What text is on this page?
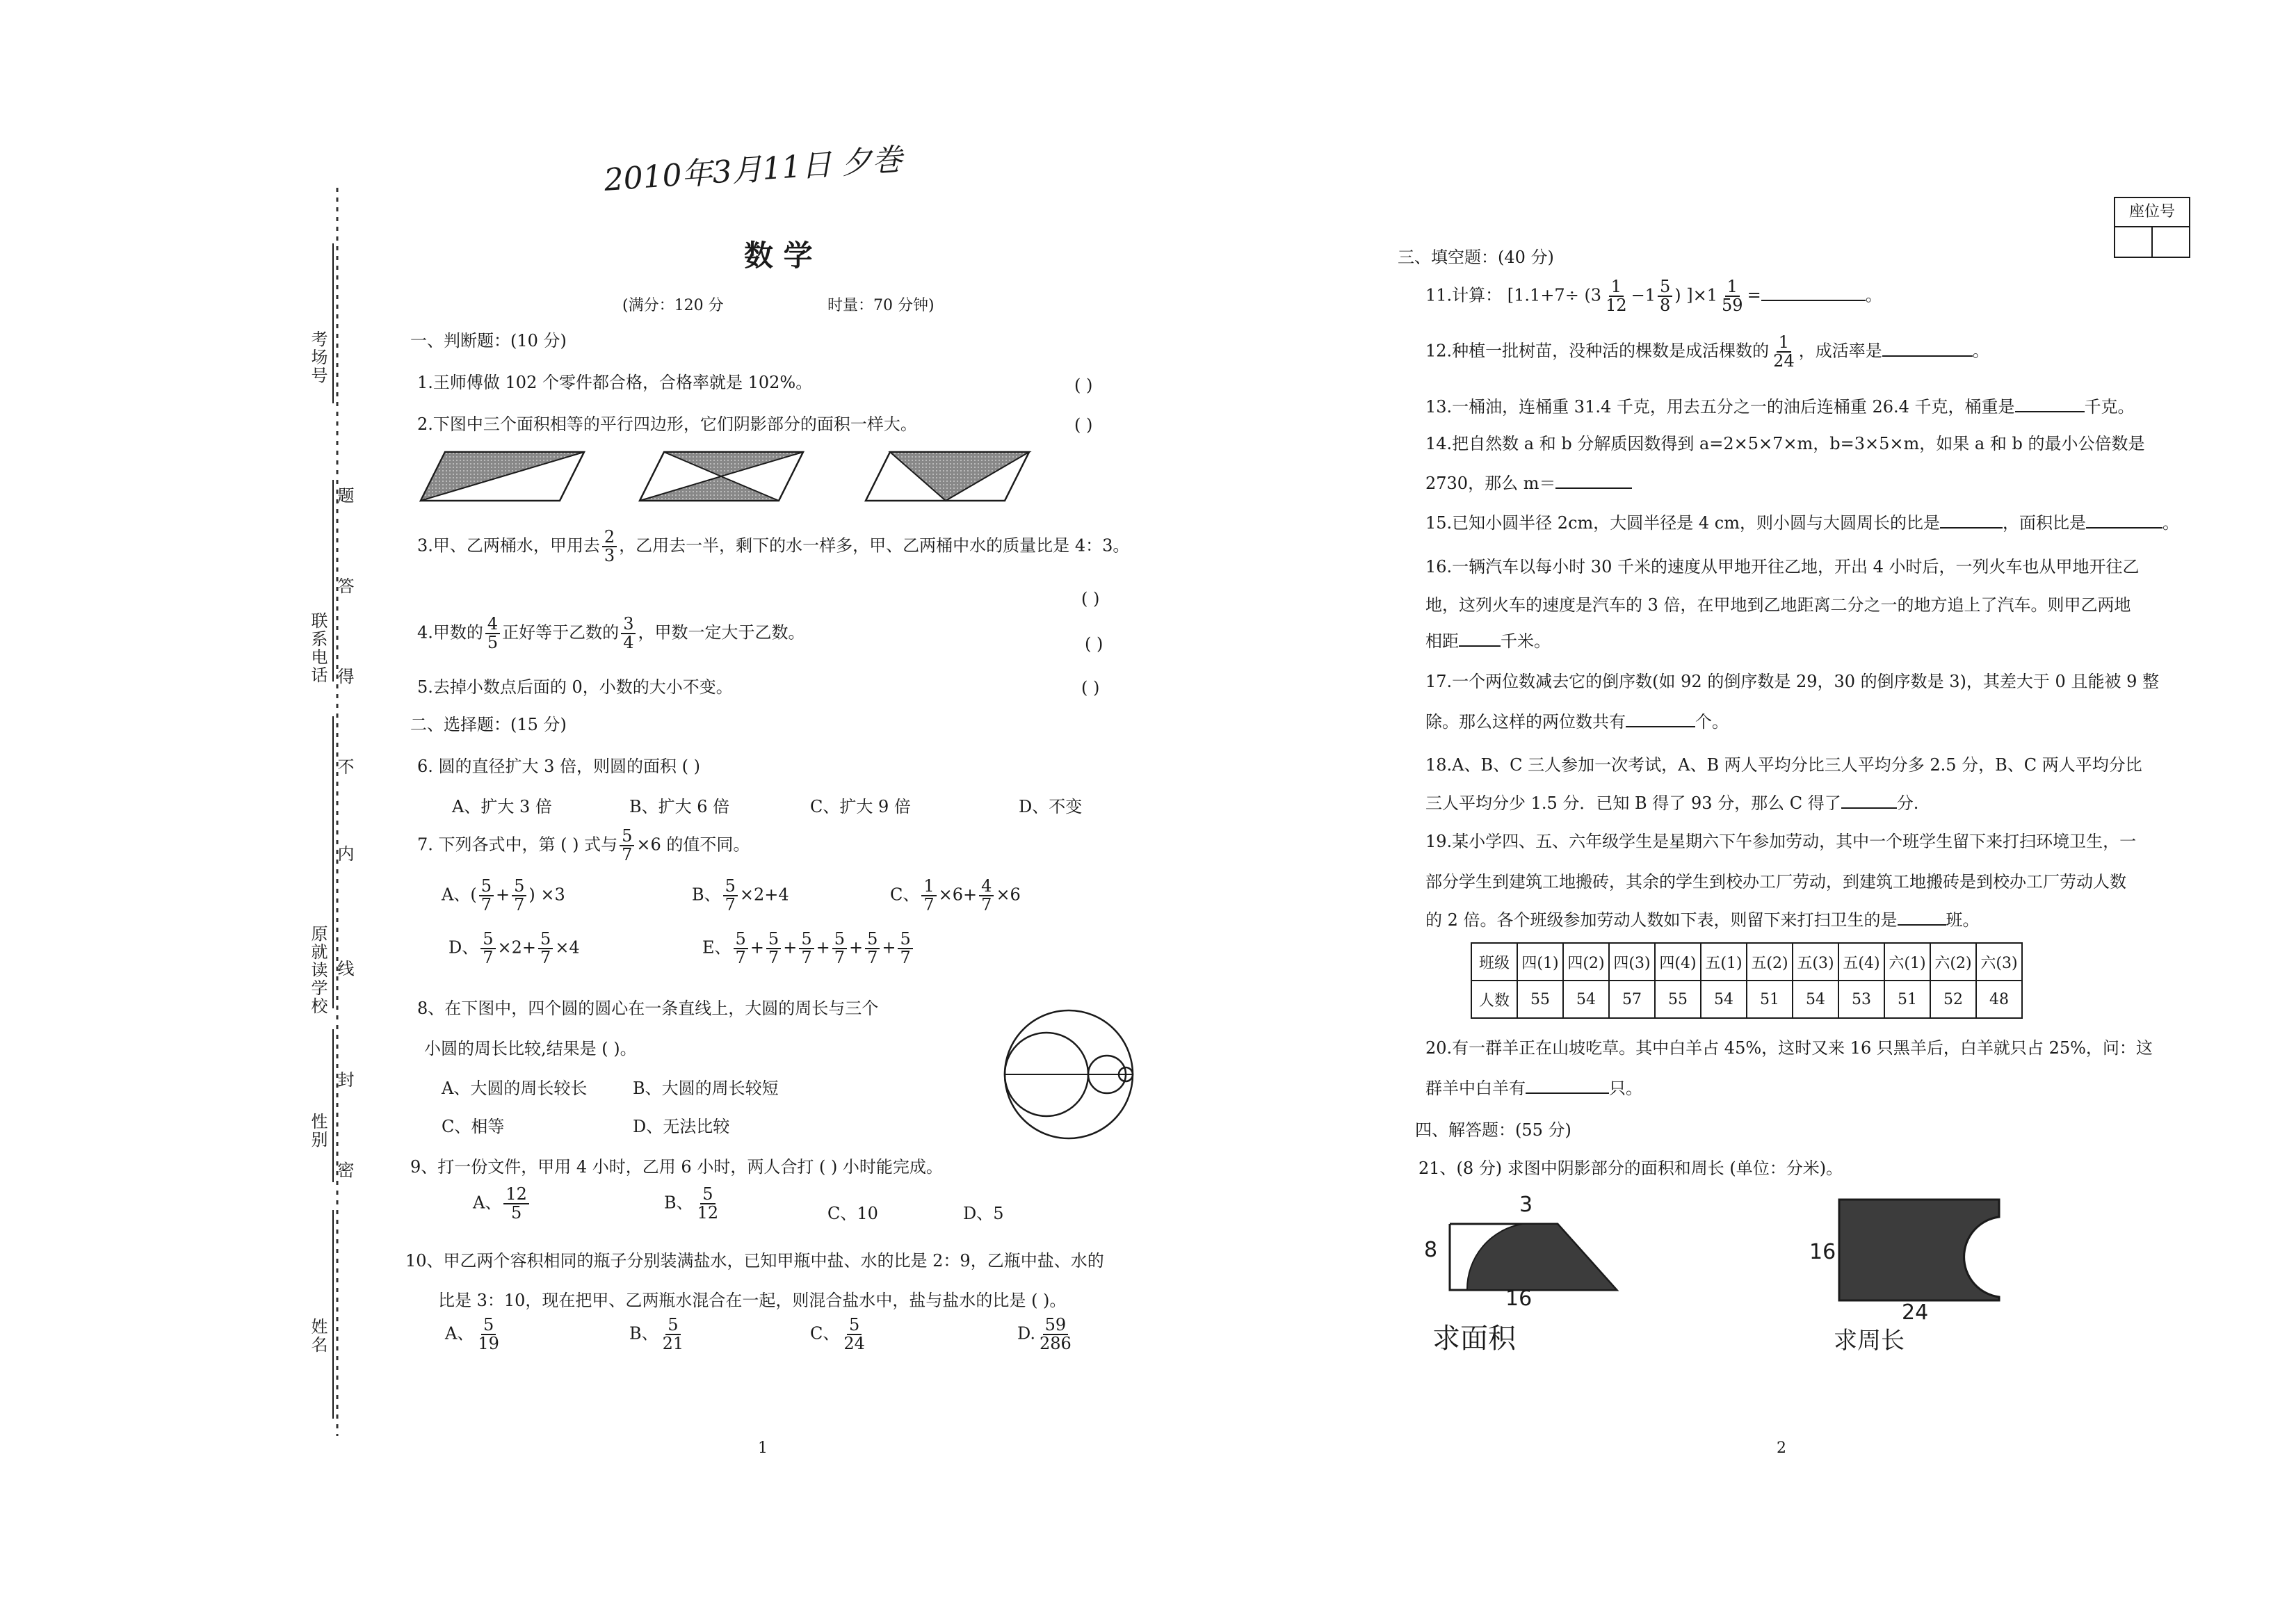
2010年3月11日 夕巻
考场号
联系电话
原就读学校
性别
姓名
密
封
线
内
不
得
答
题
座位号
数 学
(满分：120 分	时量：70 分钟)
一、判断题：(10 分)
1.王师傅做 102 个零件都合格，合格率就是 102%。	( )
2.下图中三个面积相等的平行四边形，它们阴影部分的面积一样大。	( )
3.甲、乙两桶水，甲用去 $\frac{2}{3}$ ，乙用去一半，剩下的水一样多，甲、乙两桶中水的质量比是 4：3。
( )
4.甲数的 $\frac{4}{5}$ 正好等于乙数的 $\frac{3}{4}$ ，甲数一定大于乙数。
( )
5.去掉小数点后面的 0，小数的大小不变。	( )
二、选择题：(15 分)
6. 圆的直径扩大 3 倍，则圆的面积 ( )
A、扩大 3 倍	B、扩大 6 倍	C、扩大 9 倍	D、不变
7. 下列各式中，第 ( ) 式与 $\frac{5}{7} \times 6$ 的值不同。
A、( $\frac{5}{7} + \frac{5}{7}$ ) ×3	B、 $\frac{5}{7} \times 2+4$	C、 $\frac{1}{7} \times 6+ \frac{4}{7} \times 6$
D、 $\frac{5}{7} \times 2+ \frac{5}{7} \times 4$	E、 $\frac{5}{7} + \frac{5}{7} + \frac{5}{7} + \frac{5}{7} + \frac{5}{7} + \frac{5}{7}$
8、在下图中，四个圆的圆心在一条直线上，大圆的周长与三个
小圆的周长比较,结果是 ( )。
A、大圆的周长较长	B、大圆的周长较短
C、相等	D、无法比较
9、打一份文件，甲用 4 小时，乙用 6 小时，两人合打 ( ) 小时能完成。
A、 $\frac{12}{5}$	B、 $\frac{5}{12}$	C、10	D、5
10、甲乙两个容积相同的瓶子分别装满盐水，已知甲瓶中盐、水的比是 2：9，乙瓶中盐、水的
比是 3：10，现在把甲、乙两瓶水混合在一起，则混合盐水中，盐与盐水的比是 ( )。
A、 $\frac{5}{19}$	B、 $\frac{5}{21}$	C、 $\frac{5}{24}$	D. $\frac{59}{286}$
1
三、填空题：(40 分)
11.计算： [$1.1+7\div (3 \frac{1}{12} -1 \frac{5}{8}$ ) ]$\times 1 \frac{1}{59}$ =	。
12.种植一批树苗，没种活的棵数是成活棵数的 $\frac{1}{24}$ ，成活率是	。
13.一桶油，连桶重 31.4 千克，用去五分之一的油后连桶重 26.4 千克，桶重是	千克。
14.把自然数 a 和 b 分解质因数得到 a=2×5×7×m，b=3×5×m，如果 a 和 b 的最小公倍数是
2730，那么 m＝
15.已知小圆半径 2cm，大圆半径是 4 cm，则小圆与大圆周长的比是	，面积比是	。
16.一辆汽车以每小时 30 千米的速度从甲地开往乙地，开出 4 小时后，一列火车也从甲地开往乙
地，这列火车的速度是汽车的 3 倍，在甲地到乙地距离二分之一的地方追上了汽车。则甲乙两地
相距	千米。
17.一个两位数减去它的倒序数(如 92 的倒序数是 29，30 的倒序数是 3)，其差大于 0 且能被 9 整
除。那么这样的两位数共有	个。
18.A、B、C 三人参加一次考试，A、B 两人平均分比三人平均分多 2.5 分，B、C 两人平均分比
三人平均分少 1.5 分．已知 B 得了 93 分，那么 C 得了	分.
19.某小学四、五、六年级学生是星期六下午参加劳动，其中一个班学生留下来打扫环境卫生，一
部分学生到建筑工地搬砖，其余的学生到校办工厂劳动，到建筑工地搬砖是到校办工厂劳动人数
的 2 倍。各个班级参加劳动人数如下表，则留下来打扫卫生的是	班。
班级	四(1)	四(2)	四(3)	四(4)	五(1)	五(2)	五(3)	五(4)	六(1)	六(2)	六(3)
人数	55	54	57	55	54	51	54	53	51	52	48
20.有一群羊正在山坡吃草。其中白羊占 45%，这时又来 16 只黑羊后，白羊就只占 25%，问：这
群羊中白羊有	只。
四、解答题：(55 分)
21、(8 分) 求图中阴影部分的面积和周长 (单位：分米)。
3
8
16
求面积
16
24
求周长
2
